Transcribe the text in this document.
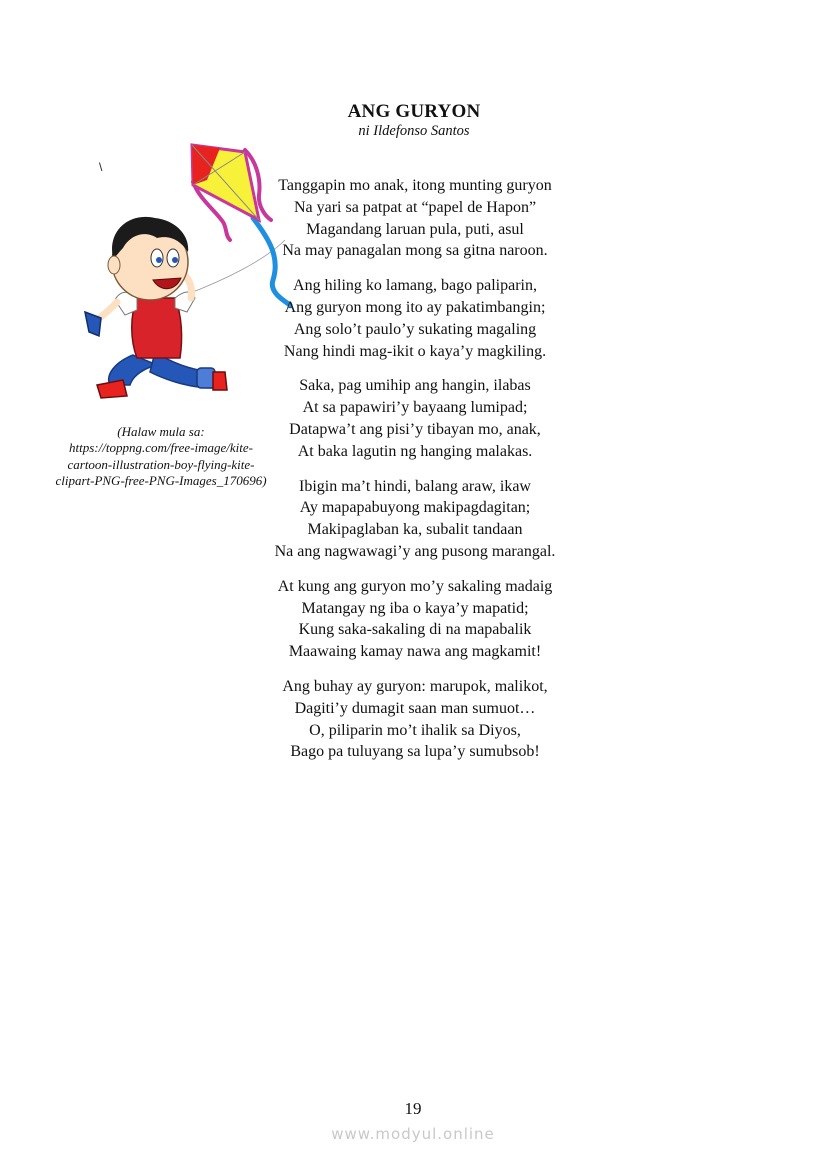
ANG GURYON
ni Ildefonso Santos
\
(Halaw mula sa: https://toppng.com/free-image/kite-cartoon-illustration-boy-flying-kite-clipart-PNG-free-PNG-Images_170696)
Tanggapin mo anak, itong munting guryon
Na yari sa patpat at “papel de Hapon”
Magandang laruan pula, puti, asul
Na may panagalan mong sa gitna naroon.
Ang hiling ko lamang, bago paliparin,
Ang guryon mong ito ay pakatimbangin;
Ang solo’t paulo’y sukating magaling
Nang hindi mag-ikit o kaya’y magkiling.
Saka, pag umihip ang hangin, ilabas
At sa papawiri’y bayaang lumipad;
Datapwa’t ang pisi’y tibayan mo, anak,
At baka lagutin ng hanging malakas.
Ibigin ma’t hindi, balang araw, ikaw
Ay mapapabuyong makipagdagitan;
Makipaglaban ka, subalit tandaan
Na ang nagwawagi’y ang pusong marangal.
At kung ang guryon mo’y sakaling madaig
Matangay ng iba o kaya’y mapatid;
Kung saka-sakaling di na mapabalik
Maawaing kamay nawa ang magkamit!
Ang buhay ay guryon: marupok, malikot,
Dagiti’y dumagit saan man sumuot…
O, piliparin mo’t ihalik sa Diyos,
Bago pa tuluyang sa lupa’y sumubsob!
19
www.modyul.online
